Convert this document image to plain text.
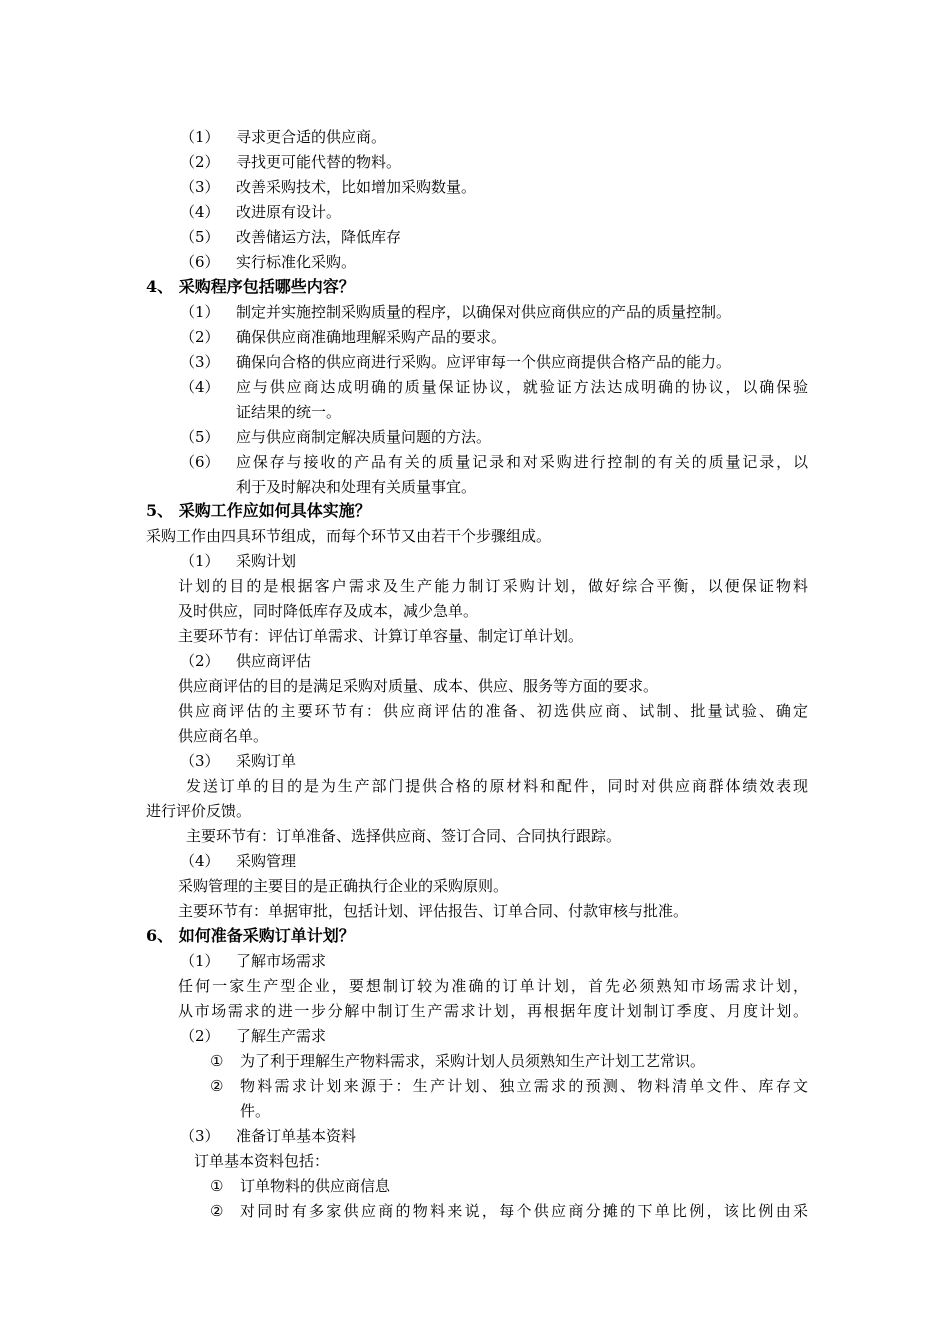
（1） 寻求更合适的供应商。
（2） 寻找更可能代替的物料。
（3） 改善采购技术，比如增加采购数量。
（4） 改进原有设计。
（5） 改善储运方法，降低库存
（6） 实行标准化采购。
4、 采购程序包括哪些内容？
（1） 制定并实施控制采购质量的程序，以确保对供应商供应的产品的质量控制。
（2） 确保供应商准确地理解采购产品的要求。
（3） 确保向合格的供应商进行采购。应评审每一个供应商提供合格产品的能力。
（4） 应与供应商达成明确的质量保证协议，就验证方法达成明确的协议，以确保验
证结果的统一。
（5） 应与供应商制定解决质量问题的方法。
（6） 应保存与接收的产品有关的质量记录和对采购进行控制的有关的质量记录，以
利于及时解决和处理有关质量事宜。
5、 采购工作应如何具体实施？
采购工作由四具环节组成，而每个环节又由若干个步骤组成。
（1） 采购计划
计划的目的是根据客户需求及生产能力制订采购计划，做好综合平衡，以便保证物料
及时供应，同时降低库存及成本，减少急单。
主要环节有：评估订单需求、计算订单容量、制定订单计划。
（2） 供应商评估
供应商评估的目的是满足采购对质量、成本、供应、服务等方面的要求。
供应商评估的主要环节有：供应商评估的准备、初选供应商、试制、批量试验、确定
供应商名单。
（3） 采购订单
发送订单的目的是为生产部门提供合格的原材料和配件，同时对供应商群体绩效表现
进行评价反馈。
主要环节有：订单准备、选择供应商、签订合同、合同执行跟踪。
（4） 采购管理
采购管理的主要目的是正确执行企业的采购原则。
主要环节有：单据审批，包括计划、评估报告、订单合同、付款审核与批准。
6、 如何准备采购订单计划？
（1） 了解市场需求
任何一家生产型企业，要想制订较为准确的订单计划，首先必须熟知市场需求计划，
从市场需求的进一步分解中制订生产需求计划，再根据年度计划制订季度、月度计划。
（2） 了解生产需求
① 为了利于理解生产物料需求，采购计划人员须熟知生产计划工艺常识。
② 物料需求计划来源于：生产计划、独立需求的预测、物料清单文件、库存文
件。
（3） 准备订单基本资料
订单基本资料包括：
① 订单物料的供应商信息
② 对同时有多家供应商的物料来说，每个供应商分摊的下单比例，该比例由采
